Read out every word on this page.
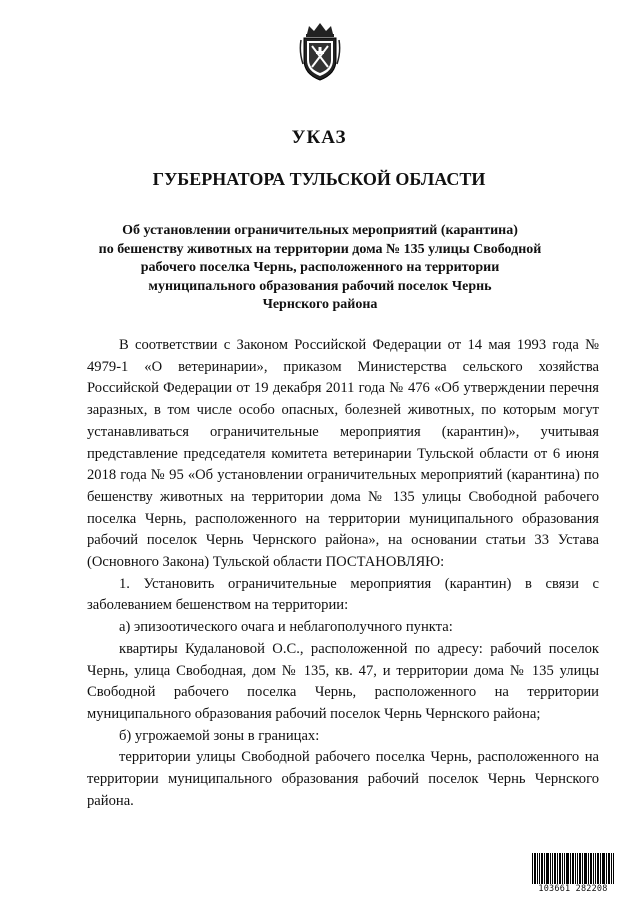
УКАЗ
ГУБЕРНАТОРА ТУЛЬСКОЙ ОБЛАСТИ
Об установлении ограничительных мероприятий (карантина)
по бешенству животных на территории дома № 135 улицы Свободной
рабочего поселка Чернь, расположенного на территории
муниципального образования рабочий поселок Чернь
Чернского района

В соответствии с Законом Российской Федерации от 14 мая 1993 года № 4979-1 «О ветеринарии», приказом Министерства сельского хозяйства Российской Федерации от 19 декабря 2011 года № 476 «Об утверждении перечня заразных, в том числе особо опасных, болезней животных, по которым могут устанавливаться ограничительные мероприятия (карантин)», учитывая представление председателя комитета ветеринарии Тульской области от 6 июня 2018 года № 95 «Об установлении ограничительных мероприятий (карантина) по бешенству животных на территории дома № 135 улицы Свободной рабочего поселка Чернь, расположенного на территории муниципального образования рабочий поселок Чернь Чернского района», на основании статьи 33 Устава (Основного Закона) Тульской области ПОСТАНОВЛЯЮ:

1. Установить ограничительные мероприятия (карантин) в связи с заболеванием бешенством на территории:

а) эпизоотического очага и неблагополучного пункта:

квартиры Кудалановой О.С., расположенной по адресу: рабочий поселок Чернь, улица Свободная, дом № 135, кв. 47, и территории дома № 135 улицы Свободной рабочего поселка Чернь, расположенного на территории муниципального образования рабочий поселок Чернь Чернского района;

б) угрожаемой зоны в границах:

территории улицы Свободной рабочего поселка Чернь, расположенного на территории муниципального образования рабочий поселок Чернь Чернского района.

103661 282208
